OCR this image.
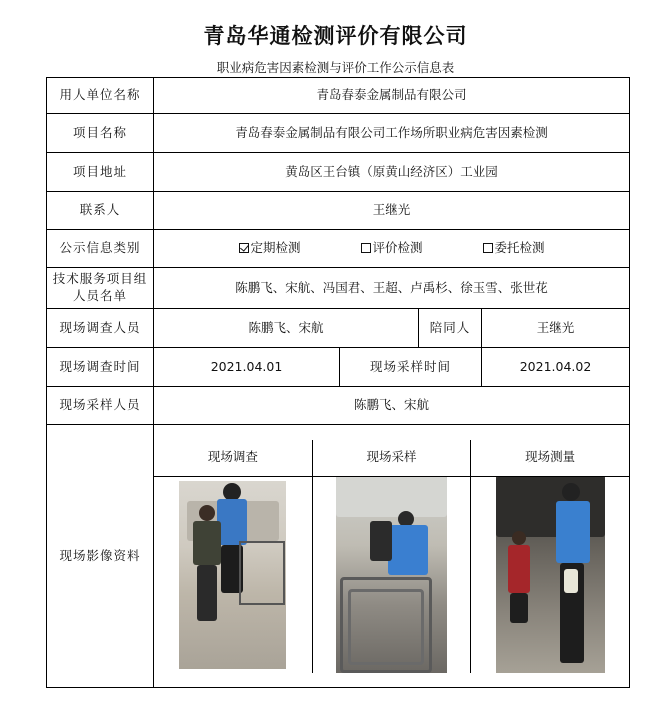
青岛华通检测评价有限公司
职业病危害因素检测与评价工作公示信息表
用人单位名称	青岛春泰金属制品有限公司
项目名称	青岛春泰金属制品有限公司工作场所职业病危害因素检测
项目地址	黄岛区王台镇（原黄山经济区）工业园
联系人	王继光
公示信息类别	定期检测	评价检测	委托检测
技术服务项目组人员名单	陈鹏飞、宋航、冯国君、王超、卢禹杉、徐玉雪、张世花
现场调查人员	陈鹏飞、宋航	陪同人	王继光
现场调查时间	2021.04.01	现场采样时间	2021.04.02
现场采样人员	陈鹏飞、宋航
现场影像资料	
现场调查	现场采样	现场测量
